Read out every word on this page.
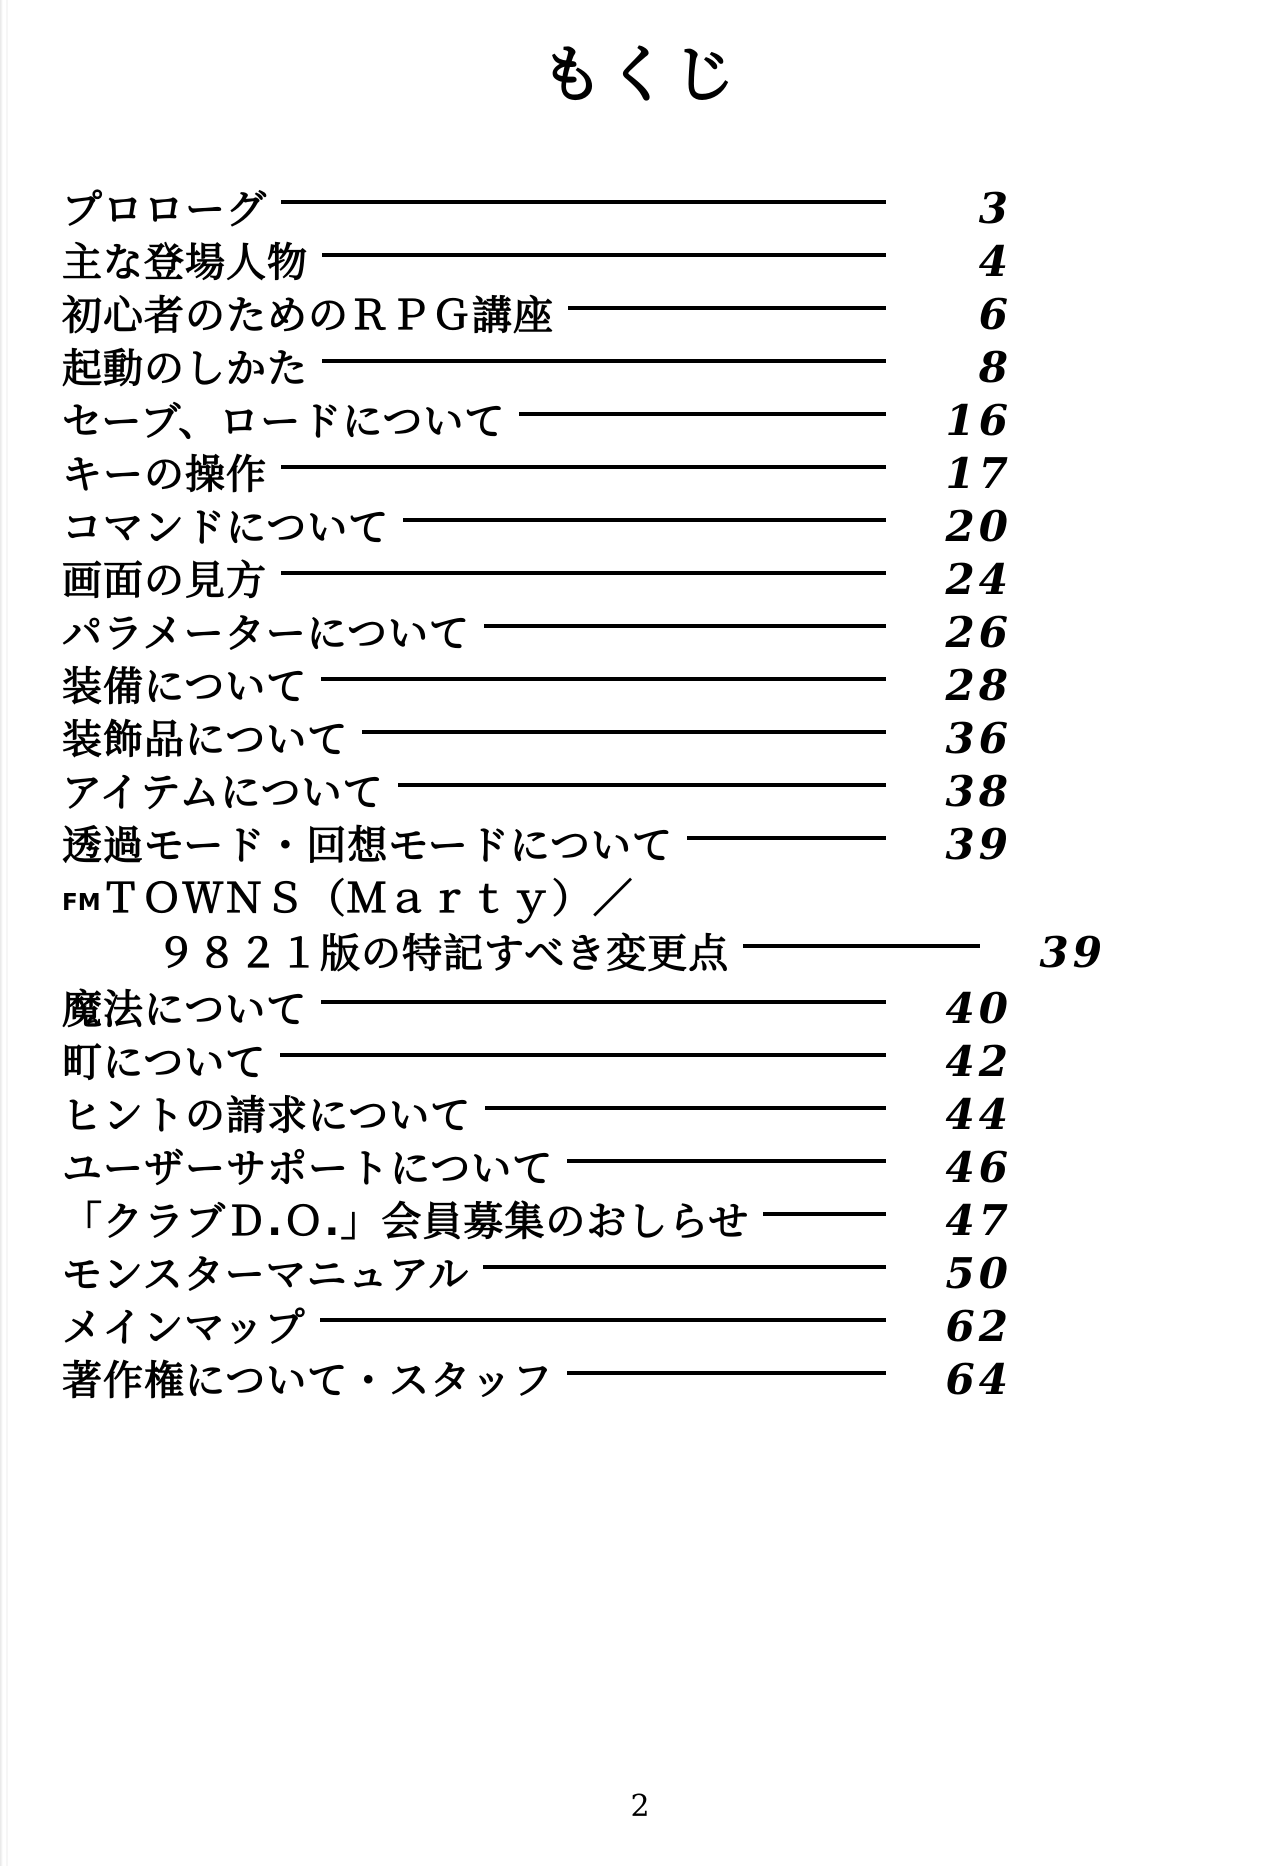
もくじ
プロローグ	3
主な登場人物	4
初心者のためのＲＰＧ講座	6
起動のしかた	8
セーブ、ロードについて	16
キーの操作	17
コマンドについて	20
画面の見方	24
パラメーターについて	26
装備について	28
装飾品について	36
アイテムについて	38
透過モード・回想モードについて	39
FMＴＯＷＮＳ（Ｍａｒｔｙ）／
９８２１版の特記すべき変更点	39
魔法について	40
町について	42
ヒントの請求について	44
ユーザーサポートについて	46
「クラブＤ.Ｏ.」会員募集のおしらせ	47
モンスターマニュアル	50
メインマップ	62
著作権について・スタッフ	64
2
